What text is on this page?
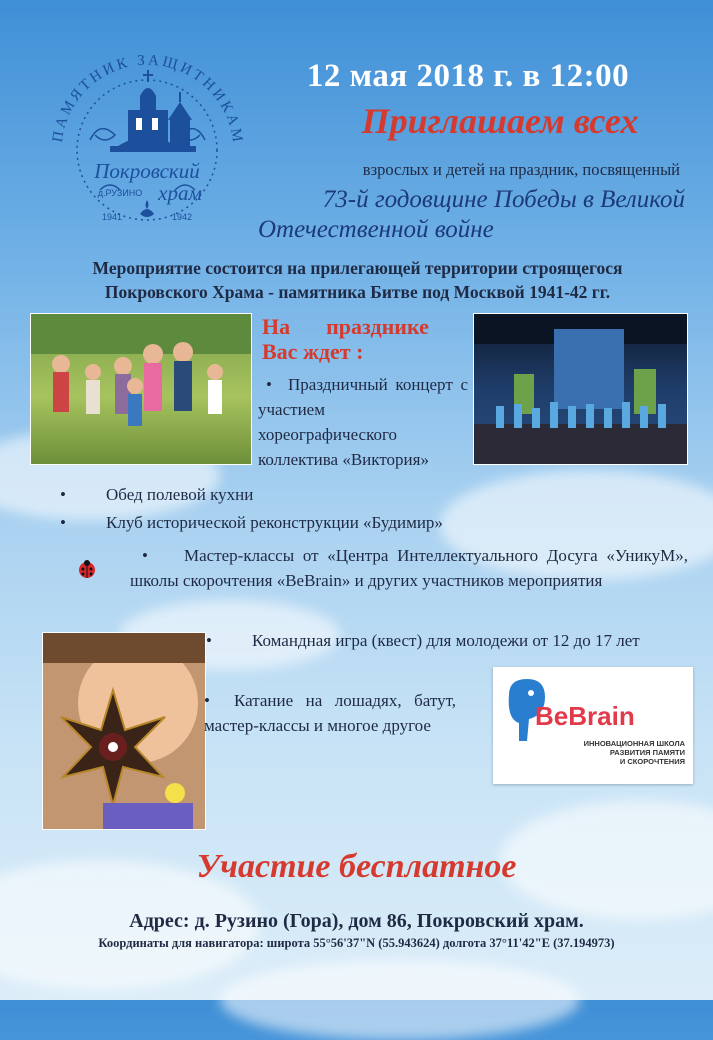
ПАМЯТНИК ЗАЩИТНИКАМ
Покровский
д.РУЗИНО храм
1941	1942
12 мая 2018 г. в 12:00
Приглашаем всех
взрослых и детей на праздник, посвященный
73-й годовщине Победы в Великой
Отечественной войне
Мероприятие состоится на прилегающей территории строящегося
Покровского Храма - памятника Битве под Москвой 1941-42 гг.
На празднике
Вас ждет :
• Праздничный концерт с участием хореографического коллектива «Виктория»
• Обед полевой кухни
• Клуб исторической реконструкции «Будимир»
• Мастер-классы от «Центра Интеллектуального Досуга «УникуМ», школы скорочтения «BeBrain» и других участников мероприятия
• Командная игра (квест) для молодежи от 12 до 17 лет
• Катание на лошадях, батут, мастер-классы и многое другое	BeBrain
ИННОВАЦИОННАЯ ШКОЛА
РАЗВИТИЯ ПАМЯТИ
И СКОРОЧТЕНИЯ
Участие бесплатное
Адрес: д. Рузино (Гора), дом 86, Покровский храм.
Координаты для навигатора: широта 55°56'37"N (55.943624) долгота 37°11'42"E (37.194973)
